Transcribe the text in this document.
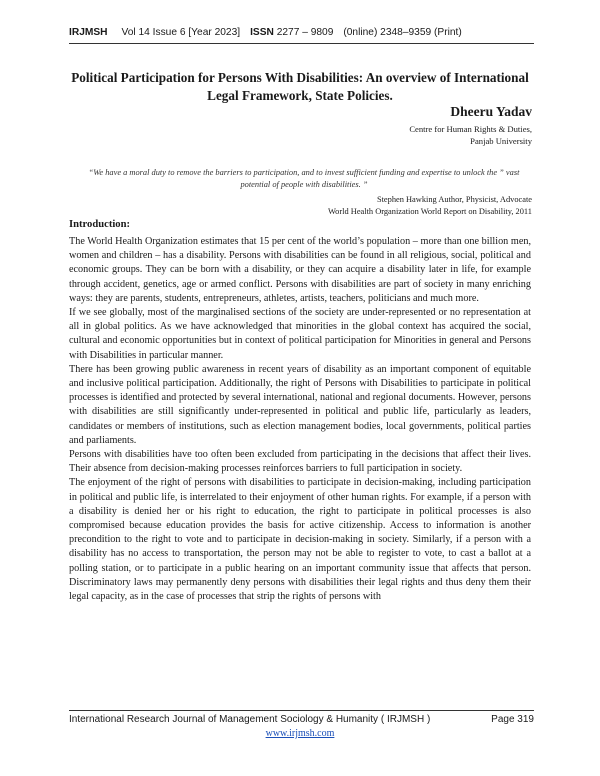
IRJMSH Vol 14 Issue 6 [Year 2023] ISSN 2277 – 9809 (0nline) 2348–9359 (Print)
Political Participation for Persons With Disabilities: An overview of International Legal Framework, State Policies.
Dheeru Yadav
Centre for Human Rights & Duties,
Panjab University
“We have a moral duty to remove the barriers to participation, and to invest sufficient funding and expertise to unlock the ” vast potential of people with disabilities. ”
Stephen Hawking Author, Physicist, Advocate
World Health Organization World Report on Disability, 2011
Introduction:

The World Health Organization estimates that 15 per cent of the world’s population – more than one billion men, women and children – has a disability. Persons with disabilities can be found in all religious, social, political and economic groups. They can be born with a disability, or they can acquire a disability later in life, for example through accident, genetics, age or armed conflict. Persons with disabilities are part of society in many enriching ways: they are parents, students, entrepreneurs, athletes, artists, teachers, politicians and much more.

If we see globally, most of the marginalised sections of the society are under-represented or no representation at all in global politics. As we have acknowledged that minorities in the global context has acquired the social, cultural and economic opportunities but in context of political participation for Minorities in general and Persons with Disabilities in particular manner.

There has been growing public awareness in recent years of disability as an important component of equitable and inclusive political participation. Additionally, the right of Persons with Disabilities to participate in political processes is identified and protected by several international, national and regional documents. However, persons with disabilities are still significantly under-represented in political and public life, particularly as leaders, candidates or members of institutions, such as election management bodies, local governments, political parties and parliaments.

Persons with disabilities have too often been excluded from participating in the decisions that affect their lives. Their absence from decision-making processes reinforces barriers to full participation in society.

The enjoyment of the right of persons with disabilities to participate in decision-making, including participation in political and public life, is interrelated to their enjoyment of other human rights. For example, if a person with a disability is denied her or his right to education, the right to participate in political processes is also compromised because education provides the basis for active citizenship. Access to information is another precondition to the right to vote and to participate in decision-making in society. Similarly, if a person with a disability has no access to transportation, the person may not be able to register to vote, to cast a ballot at a polling station, or to participate in a public hearing on an important community issue that affects that person. Discriminatory laws may permanently deny persons with disabilities their legal rights and thus deny them their legal capacity, as in the case of processes that strip the rights of persons with

International Research Journal of Management Sociology & Humanity ( IRJMSH )	Page 319
www.irjmsh.com
